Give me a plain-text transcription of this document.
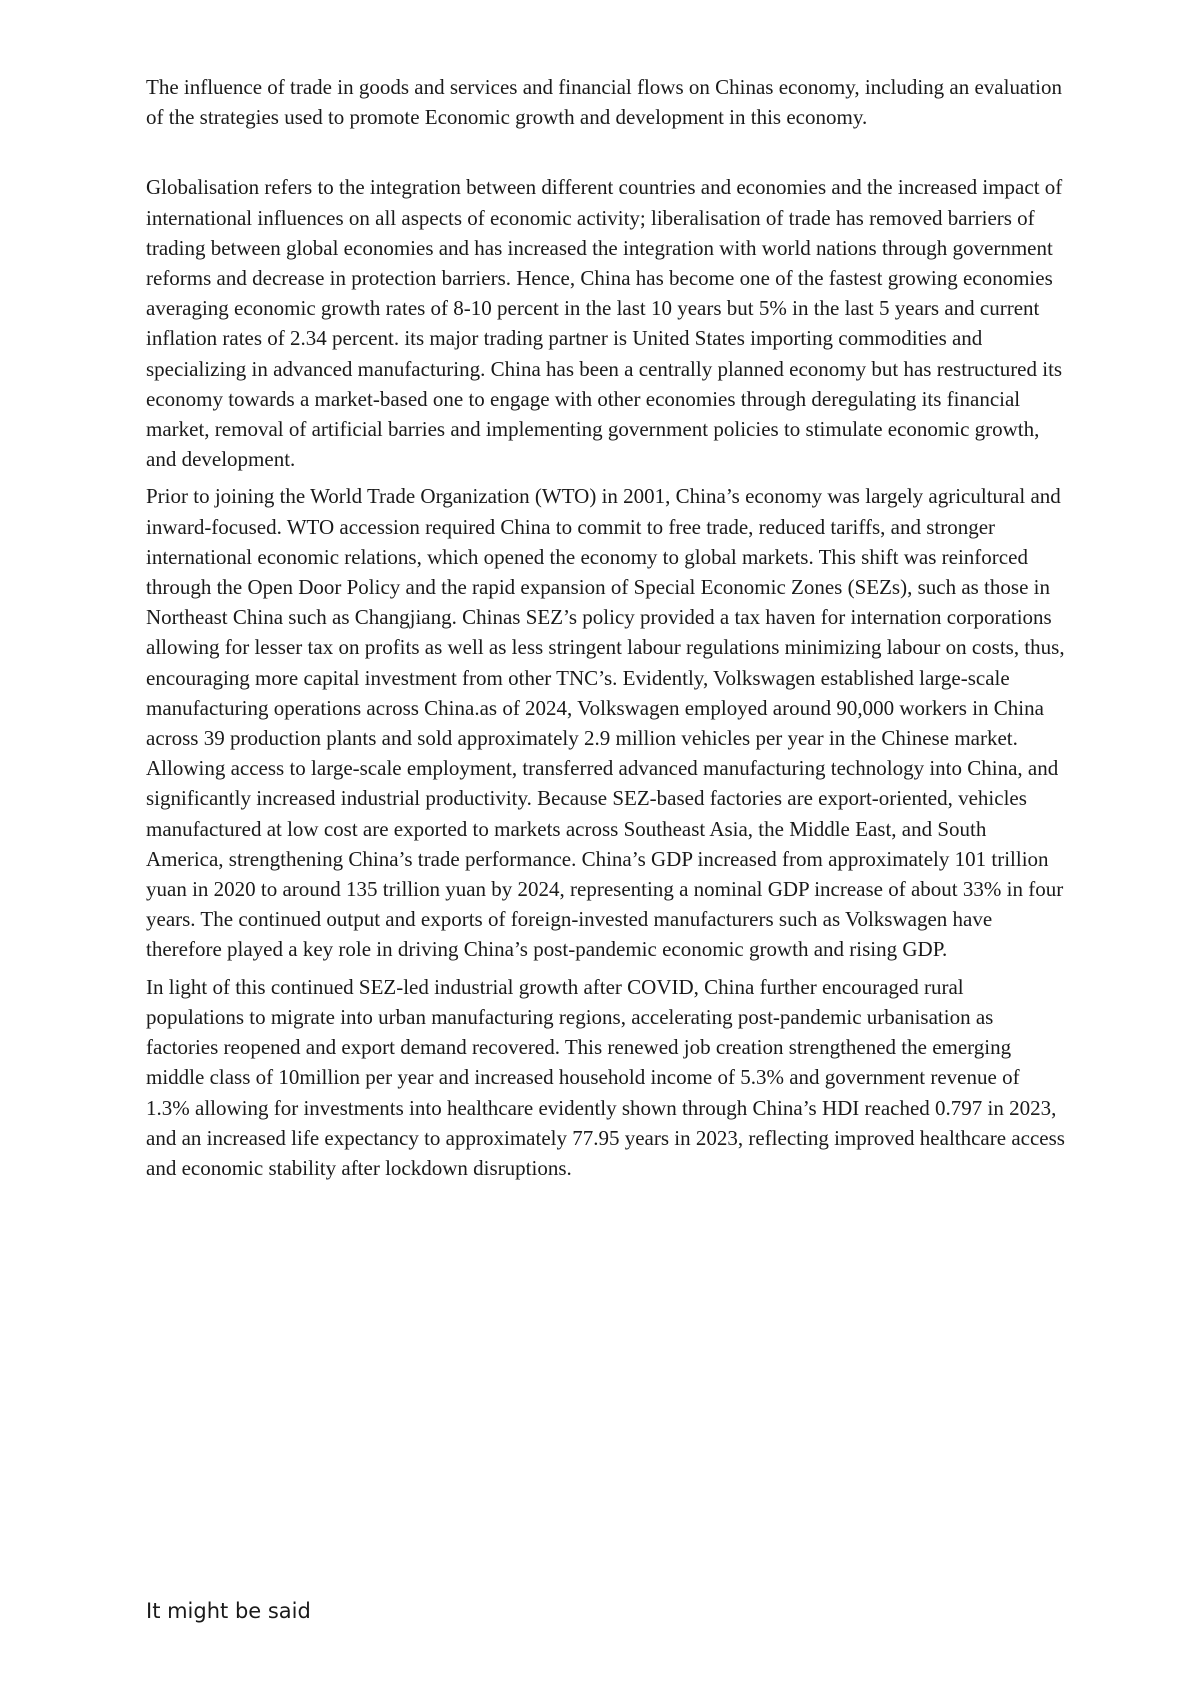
The influence of trade in goods and services and financial flows on Chinas economy, including an evaluation of the strategies used to promote Economic growth and development in this economy.

Globalisation refers to the integration between different countries and economies and the increased impact of international influences on all aspects of economic activity; liberalisation of trade has removed barriers of trading between global economies and has increased the integration with world nations through government reforms and decrease in protection barriers. Hence, China has become one of the fastest growing economies averaging economic growth rates of 8-10 percent in the last 10 years but 5% in the last 5 years and current inflation rates of 2.34 percent. its major trading partner is United States importing commodities and specializing in advanced manufacturing. China has been a centrally planned economy but has restructured its economy towards a market-based one to engage with other economies through deregulating its financial market, removal of artificial barries and implementing government policies to stimulate economic growth, and development.

Prior to joining the World Trade Organization (WTO) in 2001, China’s economy was largely agricultural and inward-focused. WTO accession required China to commit to free trade, reduced tariffs, and stronger international economic relations, which opened the economy to global markets. This shift was reinforced through the Open Door Policy and the rapid expansion of Special Economic Zones (SEZs), such as those in Northeast China such as Changjiang. Chinas SEZ’s policy provided a tax haven for internation corporations allowing for lesser tax on profits as well as less stringent labour regulations minimizing labour on costs, thus, encouraging more capital investment from other TNC’s. Evidently, Volkswagen established large-scale manufacturing operations across China.as of 2024, Volkswagen employed around 90,000 workers in China across 39 production plants and sold approximately 2.9 million vehicles per year in the Chinese market. Allowing access to large-scale employment, transferred advanced manufacturing technology into China, and significantly increased industrial productivity. Because SEZ-based factories are export-oriented, vehicles manufactured at low cost are exported to markets across Southeast Asia, the Middle East, and South America, strengthening China’s trade performance. China’s GDP increased from approximately 101 trillion yuan in 2020 to around 135 trillion yuan by 2024, representing a nominal GDP increase of about 33% in four years. The continued output and exports of foreign-invested manufacturers such as Volkswagen have therefore played a key role in driving China’s post-pandemic economic growth and rising GDP.

In light of this continued SEZ-led industrial growth after COVID, China further encouraged rural populations to migrate into urban manufacturing regions, accelerating post-pandemic urbanisation as factories reopened and export demand recovered. This renewed job creation strengthened the emerging middle class of 10million per year and increased household income of 5.3% and government revenue of 1.3% allowing for investments into healthcare evidently shown through China’s HDI reached 0.797 in 2023, and an increased life expectancy to approximately 77.95 years in 2023, reflecting improved healthcare access and economic stability after lockdown disruptions.

It might be said
